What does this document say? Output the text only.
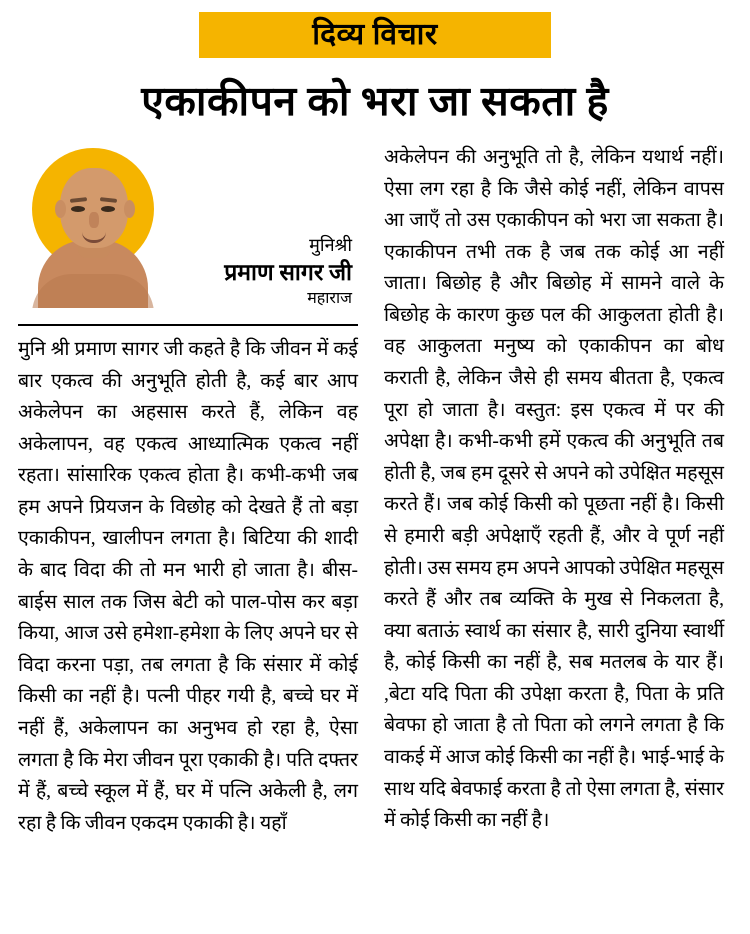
दिव्य विचार
एकाकीपन को भरा जा सकता है
मुनिश्री
प्रमाण सागर जी
महाराज

मुनि श्री प्रमाण सागर जी कहते है कि जीवन में कई बार एकत्व की अनुभूति होती है, कई बार आप अकेलेपन का अहसास करते हैं, लेकिन वह अकेलापन, वह एकत्व आध्यात्मिक एकत्व नहीं रहता। सांसारिक एकत्व होता है। कभी-कभी जब हम अपने प्रियजन के विछोह को देखते हैं तो बड़ा एकाकीपन, खालीपन लगता है। बिटिया की शादी के बाद विदा की तो मन भारी हो जाता है। बीस-बाईस साल तक जिस बेटी को पाल-पोस कर बड़ा किया, आज उसे हमेशा-हमेशा के लिए अपने घर से विदा करना पड़ा, तब लगता है कि संसार में कोई किसी का नहीं है। पत्नी पीहर गयी है, बच्चे घर में नहीं हैं, अकेलापन का अनुभव हो रहा है, ऐसा लगता है कि मेरा जीवन पूरा एकाकी है। पति दफ्तर में हैं, बच्चे स्कूल में हैं, घर में पत्नि अकेली है, लग रहा है कि जीवन एकदम एकाकी है। यहाँ

अकेलेपन की अनुभूति तो है, लेकिन यथार्थ नहीं। ऐसा लग रहा है कि जैसे कोई नहीं, लेकिन वापस आ जाएँ तो उस एकाकीपन को भरा जा सकता है। एकाकीपन तभी तक है जब तक कोई आ नहीं जाता। बिछोह है और बिछोह में सामने वाले के बिछोह के कारण कुछ पल की आकुलता होती है। वह आकुलता मनुष्य को एकाकीपन का बोध कराती है, लेकिन जैसे ही समय बीतता है, एकत्व पूरा हो जाता है। वस्तुत: इस एकत्व में पर की अपेक्षा है। कभी-कभी हमें एकत्व की अनुभूति तब होती है, जब हम दूसरे से अपने को उपेक्षित महसूस करते हैं। जब कोई किसी को पूछता नहीं है। किसी से हमारी बड़ी अपेक्षाएँ रहती हैं, और वे पूर्ण नहीं होती। उस समय हम अपने आपको उपेक्षित महसूस करते हैं और तब व्यक्ति के मुख से निकलता है, क्या बताऊं स्वार्थ का संसार है, सारी दुनिया स्वार्थी है, कोई किसी का नहीं है, सब मतलब के यार हैं। ,बेटा यदि पिता की उपेक्षा करता है, पिता के प्रति बेवफा हो जाता है तो पिता को लगने लगता है कि वाकई में आज कोई किसी का नहीं है। भाई-भाई के साथ यदि बेवफाई करता है तो ऐसा लगता है, संसार में कोई किसी का नहीं है।
